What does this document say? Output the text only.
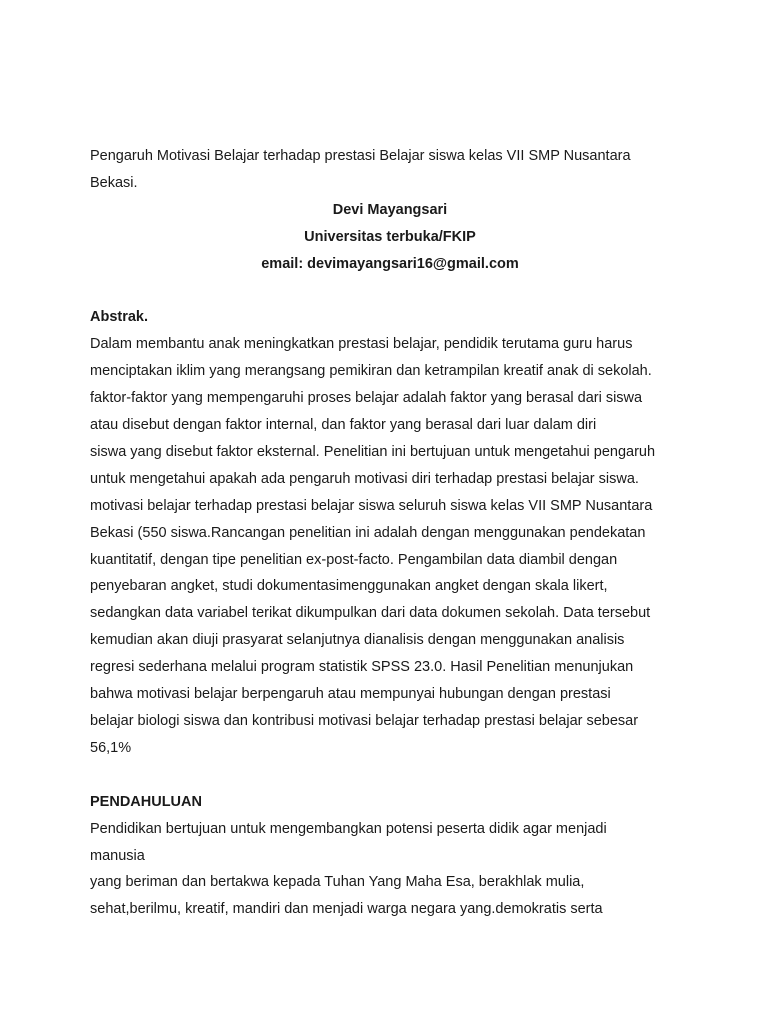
Pengaruh Motivasi Belajar terhadap prestasi Belajar siswa kelas VII SMP Nusantara
Bekasi.
Devi Mayangsari
Universitas terbuka/FKIP
email: devimayangsari16@gmail.com
Abstrak.
Dalam membantu anak meningkatkan prestasi belajar, pendidik terutama guru harus
menciptakan iklim yang merangsang pemikiran dan ketrampilan kreatif anak di sekolah.
faktor-faktor yang mempengaruhi proses belajar adalah faktor yang berasal dari siswa
atau disebut dengan faktor internal, dan faktor yang berasal dari luar dalam diri
siswa yang disebut faktor eksternal. Penelitian ini bertujuan untuk mengetahui pengaruh
untuk mengetahui apakah ada pengaruh motivasi diri terhadap prestasi belajar siswa.
motivasi belajar terhadap prestasi belajar siswa seluruh siswa kelas VII SMP Nusantara
Bekasi (550 siswa.Rancangan penelitian ini adalah dengan menggunakan pendekatan
kuantitatif, dengan tipe penelitian ex-post-facto. Pengambilan data diambil dengan
penyebaran angket, studi dokumentasimenggunakan angket dengan skala likert,
sedangkan data variabel terikat dikumpulkan dari data dokumen sekolah. Data tersebut
kemudian akan diuji prasyarat selanjutnya dianalisis dengan menggunakan analisis
regresi sederhana melalui program statistik SPSS 23.0. Hasil Penelitian menunjukan
bahwa motivasi belajar berpengaruh atau mempunyai hubungan dengan prestasi
belajar biologi siswa dan kontribusi motivasi belajar terhadap prestasi belajar sebesar
56,1%
PENDAHULUAN
Pendidikan bertujuan untuk mengembangkan potensi peserta didik agar menjadi
manusia
yang beriman dan bertakwa kepada Tuhan Yang Maha Esa, berakhlak mulia,
sehat,berilmu, kreatif, mandiri dan menjadi warga negara yang.demokratis serta
